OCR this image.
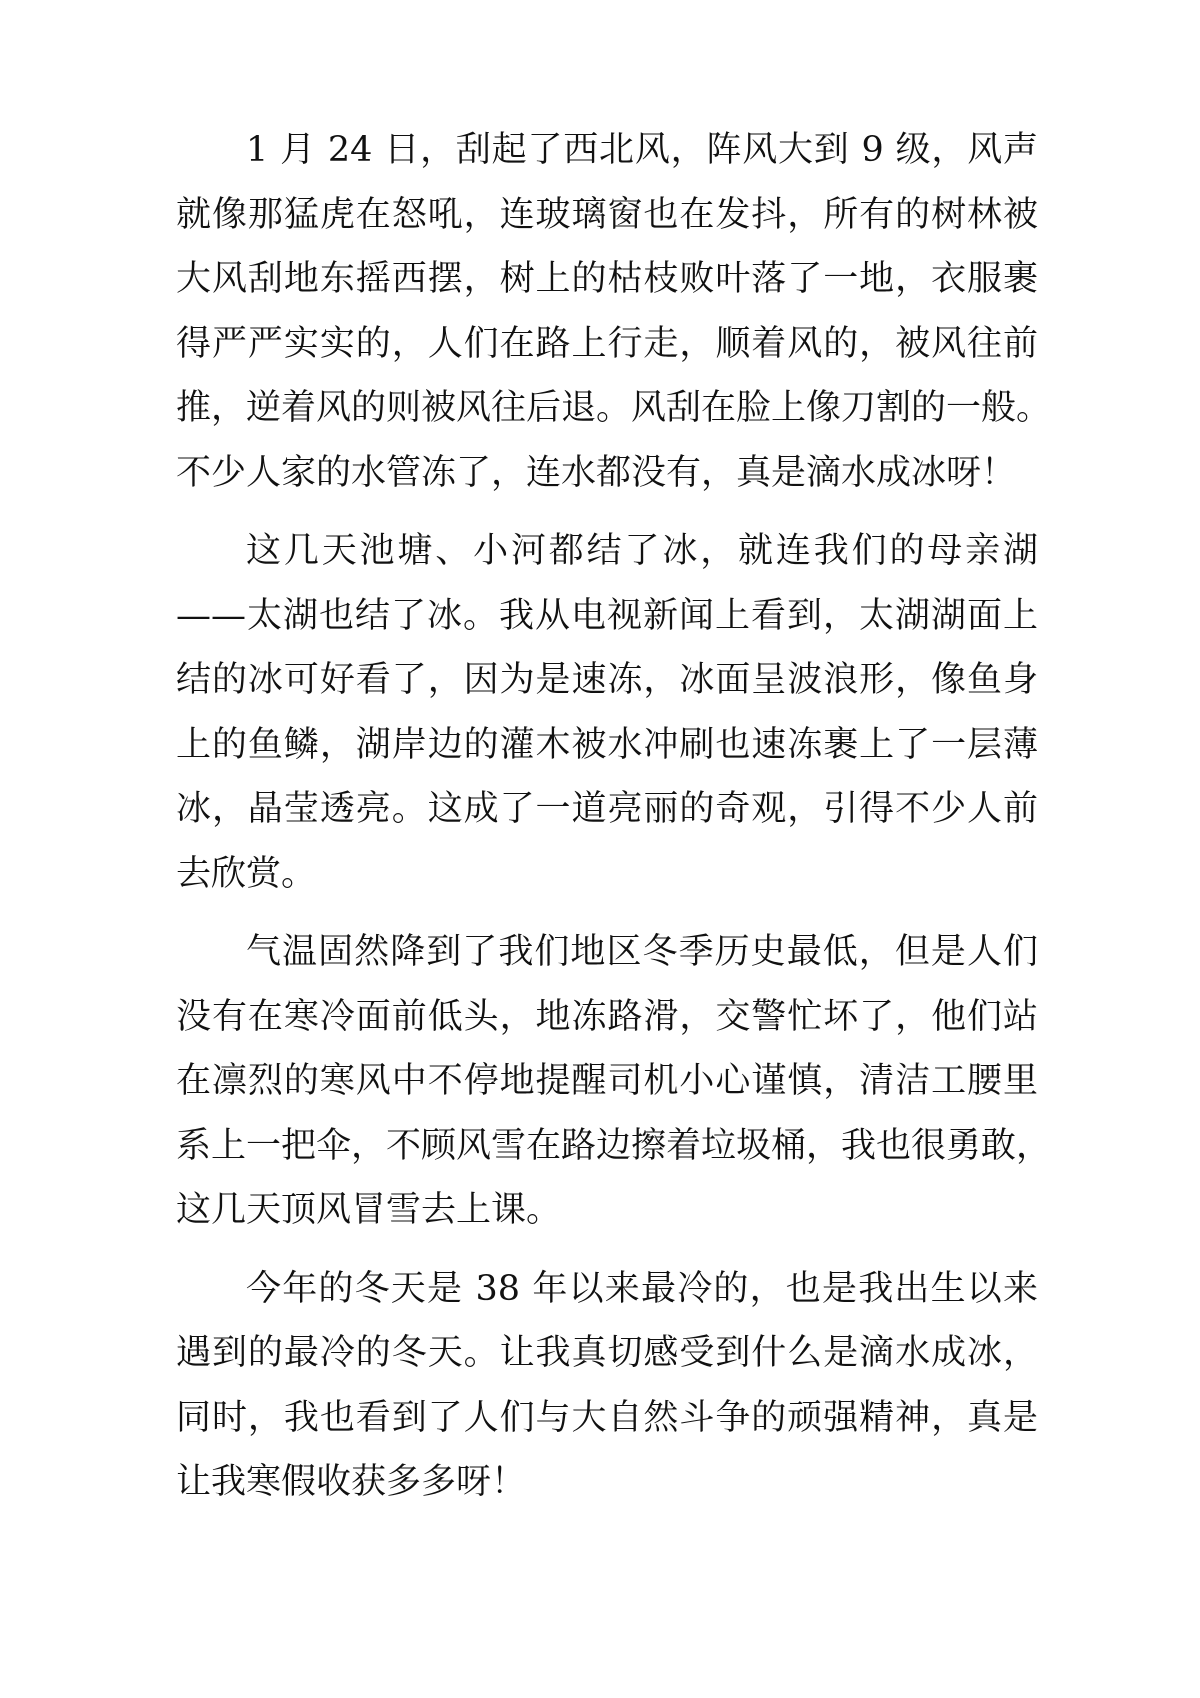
1 月 24 日，刮起了西北风，阵风大到 9 级，风声
就像那猛虎在怒吼，连玻璃窗也在发抖，所有的树林被
大风刮地东摇西摆，树上的枯枝败叶落了一地，衣服裹
得严严实实的，人们在路上行走，顺着风的，被风往前
推，逆着风的则被风往后退。风刮在脸上像刀割的一般。
不少人家的水管冻了，连水都没有，真是滴水成冰呀！

这几天池塘、小河都结了冰，就连我们的母亲湖
——太湖也结了冰。我从电视新闻上看到，太湖湖面上
结的冰可好看了，因为是速冻，冰面呈波浪形，像鱼身
上的鱼鳞，湖岸边的灌木被水冲刷也速冻裹上了一层薄
冰，晶莹透亮。这成了一道亮丽的奇观，引得不少人前
去欣赏。

气温固然降到了我们地区冬季历史最低，但是人们
没有在寒冷面前低头，地冻路滑，交警忙坏了，他们站
在凛烈的寒风中不停地提醒司机小心谨慎，清洁工腰里
系上一把伞，不顾风雪在路边擦着垃圾桶，我也很勇敢，
这几天顶风冒雪去上课。

今年的冬天是 38 年以来最冷的，也是我出生以来
遇到的最冷的冬天。让我真切感受到什么是滴水成冰，
同时，我也看到了人们与大自然斗争的顽强精神，真是
让我寒假收获多多呀！
